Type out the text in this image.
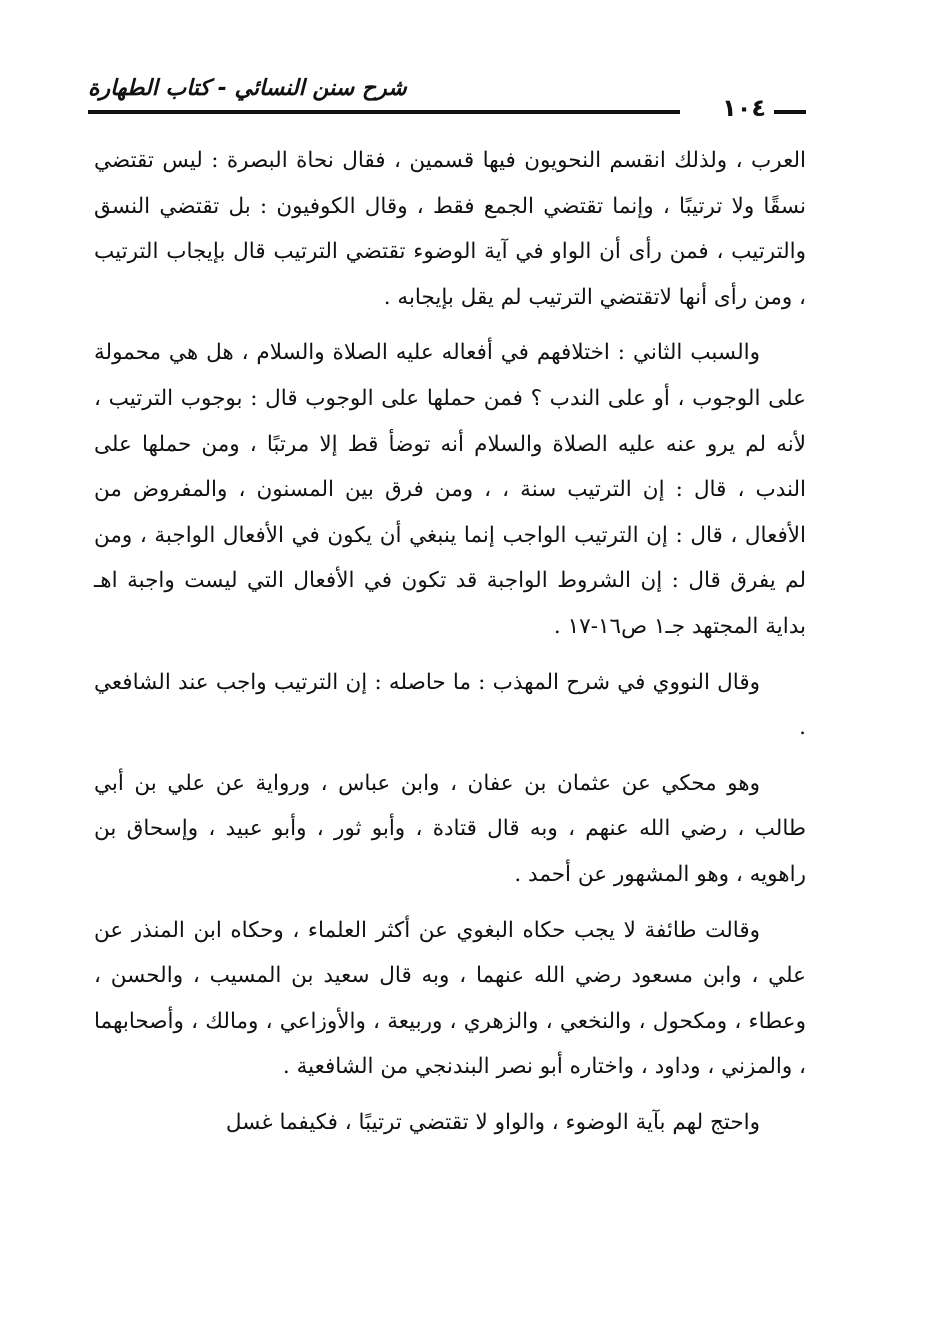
شرح سنن النسائي - كتاب الطهارة
١٠٤

العرب ، ولذلك انقسم النحويون فيها قسمين ، فقال نحاة البصرة : ليس تقتضي نسقًا ولا ترتيبًا ، وإنما تقتضي الجمع فقط ، وقال الكوفيون : بل تقتضي النسق والترتيب ، فمن رأى أن الواو في آية الوضوء تقتضي الترتيب قال بإيجاب الترتيب ، ومن رأى أنها لاتقتضي الترتيب لم يقل بإيجابه .

والسبب الثاني : اختلافهم في أفعاله عليه الصلاة والسلام ، هل هي محمولة على الوجوب ، أو على الندب ؟ فمن حملها على الوجوب قال : بوجوب الترتيب ، لأنه لم يرو عنه عليه الصلاة والسلام أنه توضأ قط إلا مرتبًا ، ومن حملها على الندب ، قال : إن الترتيب سنة ، ، ومن فرق بين المسنون ، والمفروض من الأفعال ، قال : إن الترتيب الواجب إنما ينبغي أن يكون في الأفعال الواجبة ، ومن لم يفرق قال : إن الشروط الواجبة قد تكون في الأفعال التي ليست واجبة اهـ بداية المجتهد جـ١ ص١٦-١٧ .

وقال النووي في شرح المهذب : ما حاصله : إن الترتيب واجب عند الشافعي .

وهو محكي عن عثمان بن عفان ، وابن عباس ، ورواية عن علي بن أبي طالب ، رضي الله عنهم ، وبه قال قتادة ، وأبو ثور ، وأبو عبيد ، وإسحاق بن راهويه ، وهو المشهور عن أحمد .

وقالت طائفة لا يجب حكاه البغوي عن أكثر العلماء ، وحكاه ابن المنذر عن علي ، وابن مسعود رضي الله عنهما ، وبه قال سعيد بن المسيب ، والحسن ، وعطاء ، ومكحول ، والنخعي ، والزهري ، وربيعة ، والأوزاعي ، ومالك ، وأصحابهما ، والمزني ، وداود ، واختاره أبو نصر البندنجي من الشافعية .

واحتج لهم بآية الوضوء ، والواو لا تقتضي ترتيبًا ، فكيفما غسل
